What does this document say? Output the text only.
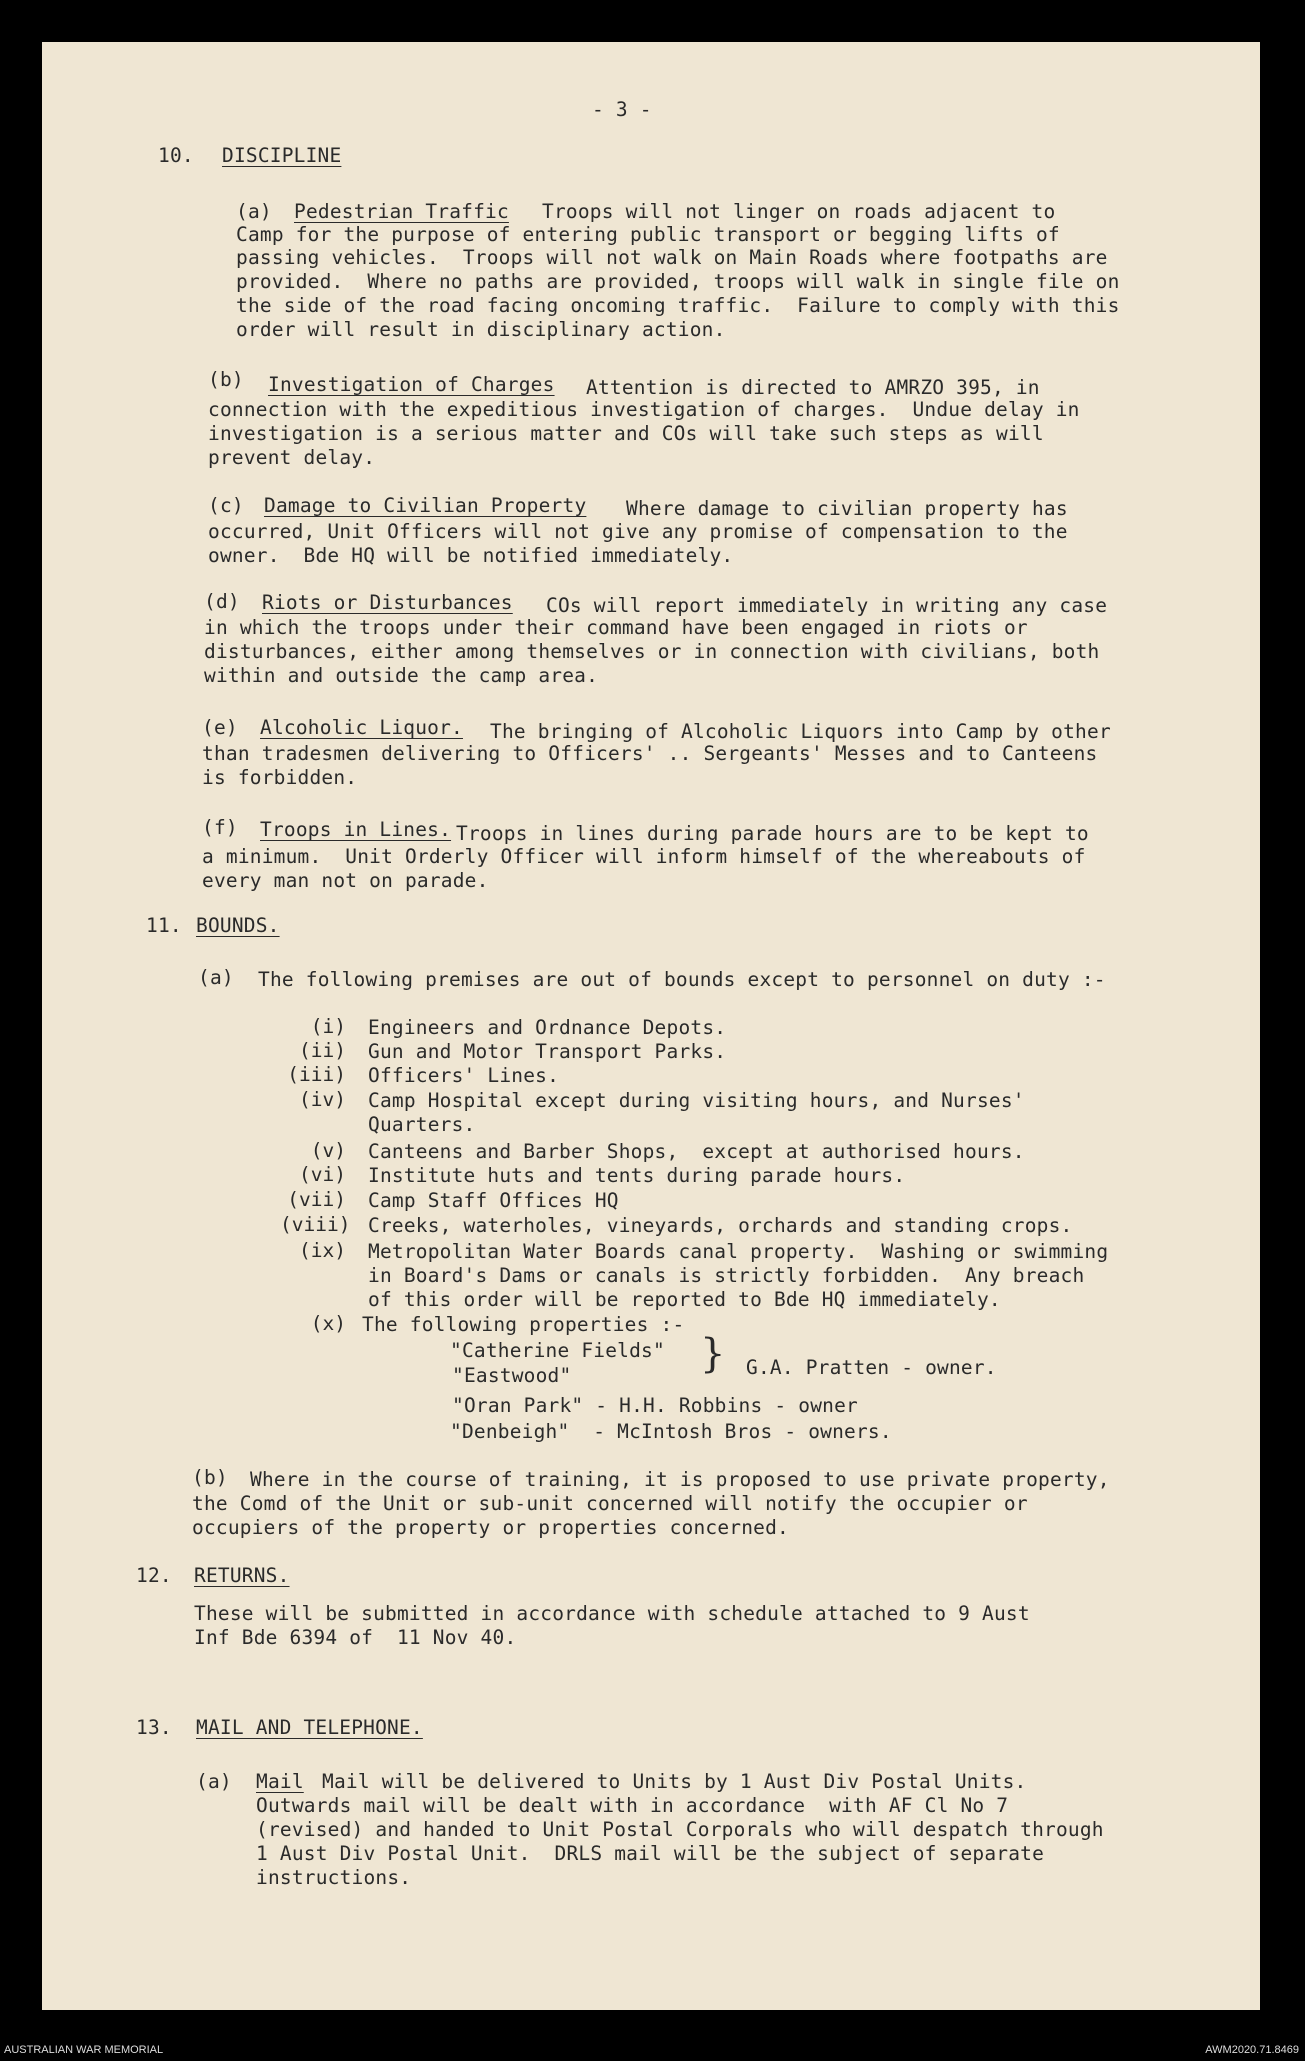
- 3 -
10. DISCIPLINE
(a) Pedestrian Traffic Troops will not linger on roads adjacent to
Camp for the purpose of entering public transport or begging lifts of
passing vehicles.  Troops will not walk on Main Roads where footpaths are
provided.  Where no paths are provided, troops will walk in single file on
the side of the road facing oncoming traffic.  Failure to comply with this
order will result in disciplinary action.
(b) Investigation of Charges Attention is directed to AMRZO 395, in
connection with the expeditious investigation of charges.  Undue delay in
investigation is a serious matter and COs will take such steps as will
prevent delay.
(c) Damage to Civilian Property Where damage to civilian property has
occurred, Unit Officers will not give any promise of compensation to the
owner.  Bde HQ will be notified immediately.
(d) Riots or Disturbances COs will report immediately in writing any case
in which the troops under their command have been engaged in riots or
disturbances, either among themselves or in connection with civilians, both
within and outside the camp area.
(e) Alcoholic Liquor. The bringing of Alcoholic Liquors into Camp by other
than tradesmen delivering to Officers' .. Sergeants' Messes and to Canteens
is forbidden.
(f) Troops in Lines. Troops in lines during parade hours are to be kept to
a minimum.  Unit Orderly Officer will inform himself of the whereabouts of
every man not on parade.
11. BOUNDS.
(a) The following premises are out of bounds except to personnel on duty :-
(i)
(ii)
(iii)
(iv)
(v)
(vi)
(vii)
(viii)
(ix)
(x)
Engineers and Ordnance Depots.
Gun and Motor Transport Parks.
Officers' Lines.
Camp Hospital except during visiting hours, and Nurses'
Quarters.
Canteens and Barber Shops,  except at authorised hours.
Institute huts and tents during parade hours.
Camp Staff Offices HQ
Creeks, waterholes, vineyards, orchards and standing crops.
Metropolitan Water Boards canal property.  Washing or swimming
in Board's Dams or canals is strictly forbidden.  Any breach
of this order will be reported to Bde HQ immediately.
The following properties :-
"Catherine Fields"
"Eastwood"	} G.A. Pratten - owner.
"Oran Park" - H.H. Robbins - owner
"Denbeigh"  - McIntosh Bros - owners.
(b) Where in the course of training, it is proposed to use private property,
the Comd of the Unit or sub-unit concerned will notify the occupier or
occupiers of the property or properties concerned.
12. RETURNS.
These will be submitted in accordance with schedule attached to 9 Aust
Inf Bde 6394 of  11 Nov 40.
13. MAIL AND TELEPHONE.
(a) Mail Mail will be delivered to Units by 1 Aust Div Postal Units.
Outwards mail will be dealt with in accordance  with AF Cl No 7
(revised) and handed to Unit Postal Corporals who will despatch through
1 Aust Div Postal Unit.  DRLS mail will be the subject of separate
instructions.
AUSTRALIAN WAR MEMORIAL	AWM2020.71.8469
